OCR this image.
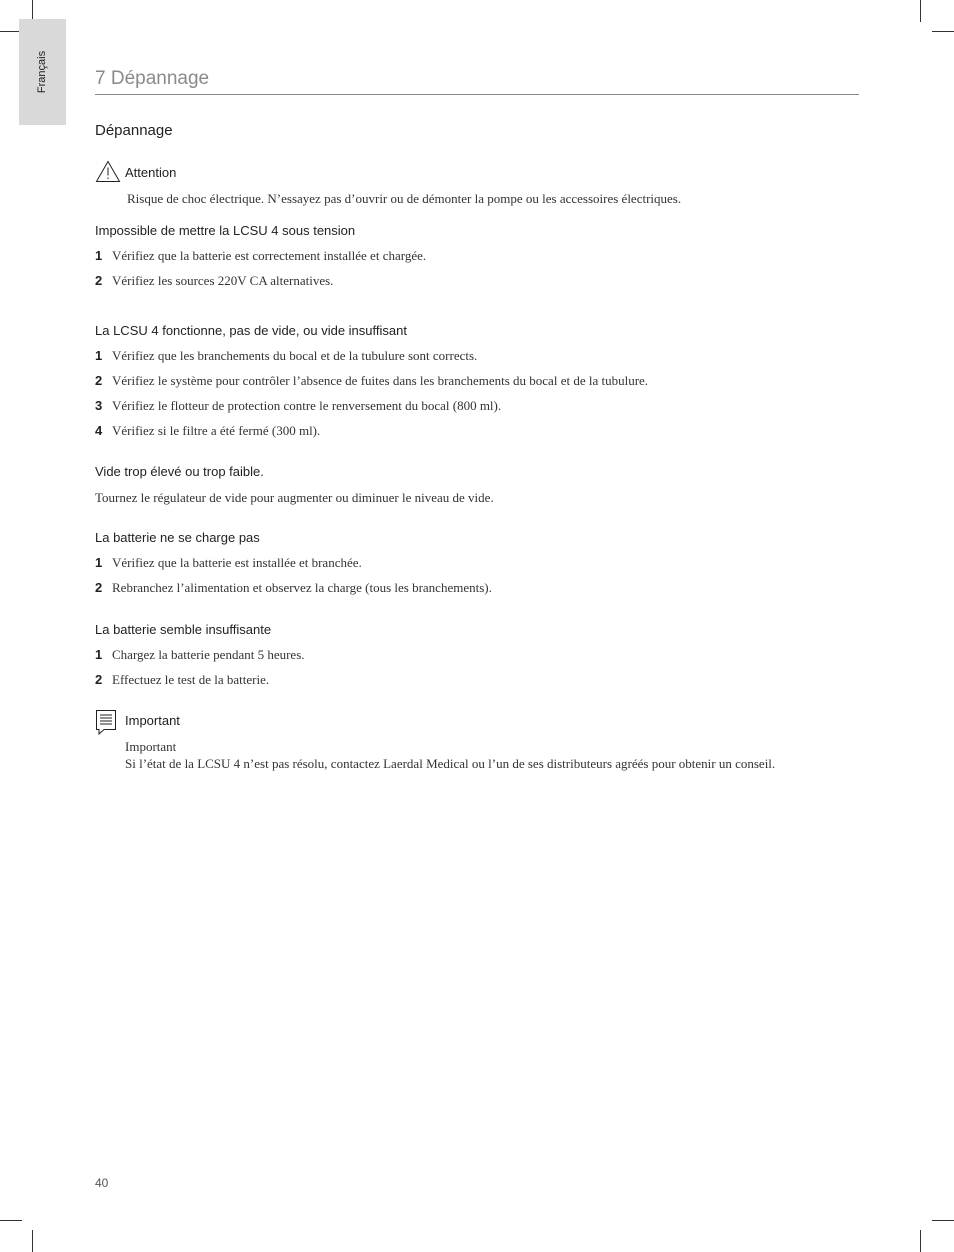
Français 7 Dépannage
Dépannage
Attention
Risque de choc électrique. N’essayez pas d’ouvrir ou de démonter la pompe ou les accessoires électriques.
Impossible de mettre la LCSU 4 sous tension
1 Vérifiez que la batterie est correctement installée et chargée.
2 Vérifiez les sources 220V CA alternatives.
La LCSU 4 fonctionne, pas de vide, ou vide insuffisant
1 Vérifiez que les branchements du bocal et de la tubulure sont corrects.
2 Vérifiez le système pour contrôler l’absence de fuites dans les branchements du bocal et de la tubulure.
3 Vérifiez le flotteur de protection contre le renversement du bocal (800 ml).
4 Vérifiez si le filtre a été fermé (300 ml).
Vide trop élevé ou trop faible.
Tournez le régulateur de vide pour augmenter ou diminuer le niveau de vide.
La batterie ne se charge pas
1 Vérifiez que la batterie est installée et branchée.
2 Rebranchez l’alimentation et observez la charge (tous les branchements).
La batterie semble insuffisante
1 Chargez la batterie pendant 5 heures.
2 Effectuez le test de la batterie.
Important
Important
Si l’état de la LCSU 4 n’est pas résolu, contactez Laerdal Medical ou l’un de ses distributeurs agréés pour obtenir un conseil.
40
